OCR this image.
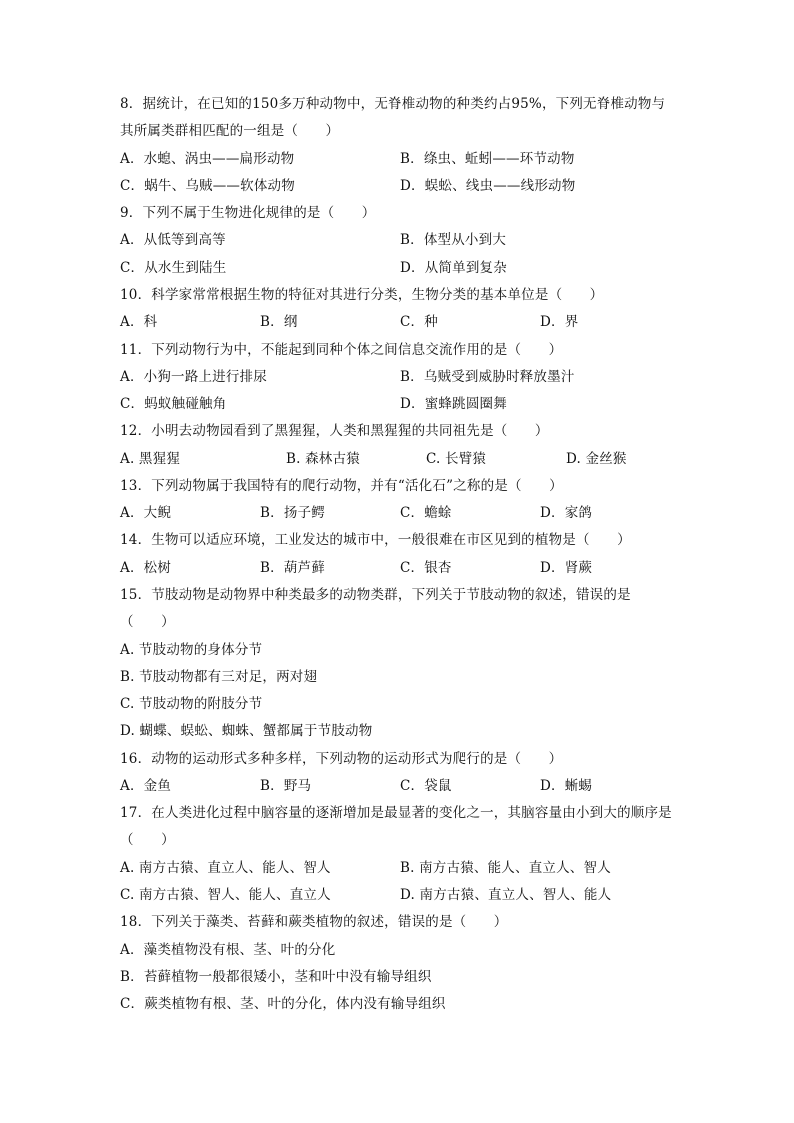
8．据统计，在已知的150多万种动物中，无脊椎动物的种类约占95%，下列无脊椎动物与
其所属类群相匹配的一组是（　　）
A．水螅、涡虫——扁形动物	B．绦虫、蚯蚓——环节动物
C．蜗牛、乌贼——软体动物	D．蜈蚣、线虫——线形动物
9．下列不属于生物进化规律的是（　　）
A．从低等到高等	B．体型从小到大
C．从水生到陆生	D．从简单到复杂
10．科学家常常根据生物的特征对其进行分类，生物分类的基本单位是（　　）
A．科	B．纲	C．种	D．界
11．下列动物行为中，不能起到同种个体之间信息交流作用的是（　　）
A．小狗一路上进行排尿	B．乌贼受到威胁时释放墨汁
C．蚂蚁触碰触角	D．蜜蜂跳圆圈舞
12．小明去动物园看到了黑猩猩，人类和黑猩猩的共同祖先是（　　）
A. 黑猩猩	B. 森林古猿	C. 长臂猿	D. 金丝猴
13．下列动物属于我国特有的爬行动物，并有“活化石”之称的是（　　）
A．大鲵	B．扬子鳄	C．蟾蜍	D．家鸽
14．生物可以适应环境，工业发达的城市中，一般很难在市区见到的植物是（　　）
A．松树	B．葫芦藓	C．银杏	D．肾蕨
15．节肢动物是动物界中种类最多的动物类群，下列关于节肢动物的叙述，错误的是
（　　）
A. 节肢动物的身体分节
B. 节肢动物都有三对足，两对翅
C. 节肢动物的附肢分节
D. 蝴蝶、蜈蚣、蜘蛛、蟹都属于节肢动物
16．动物的运动形式多种多样，下列动物的运动形式为爬行的是（　　）
A．金鱼	B．野马	C．袋鼠	D．蜥蜴
17．在人类进化过程中脑容量的逐渐增加是最显著的变化之一，其脑容量由小到大的顺序是
（　　）
A. 南方古猿、直立人、能人、智人	B. 南方古猿、能人、直立人、智人
C. 南方古猿、智人、能人、直立人	D. 南方古猿、直立人、智人、能人
18．下列关于藻类、苔藓和蕨类植物的叙述，错误的是（　　）
A．藻类植物没有根、茎、叶的分化
B．苔藓植物一般都很矮小，茎和叶中没有输导组织
C．蕨类植物有根、茎、叶的分化，体内没有输导组织
